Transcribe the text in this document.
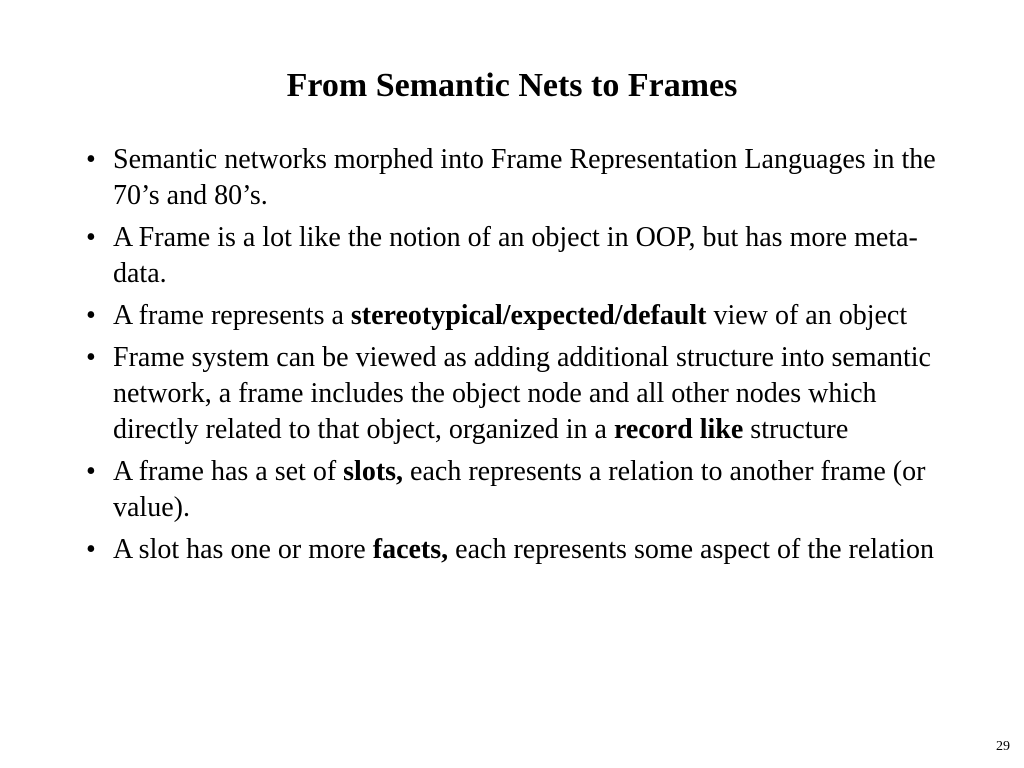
From Semantic Nets to Frames
• Semantic networks morphed into Frame Representation Languages in the 70’s and 80’s.
• A Frame is a lot like the notion of an object in OOP, but has more meta-data.
• A frame represents a stereotypical/expected/default view of an object
• Frame system can be viewed as adding additional structure into semantic network, a frame includes the object node and all other nodes which directly related to that object, organized in a record like structure
• A frame has a set of slots, each represents a relation to another frame (or value).
• A slot has one or more facets, each represents some aspect of the relation
29
